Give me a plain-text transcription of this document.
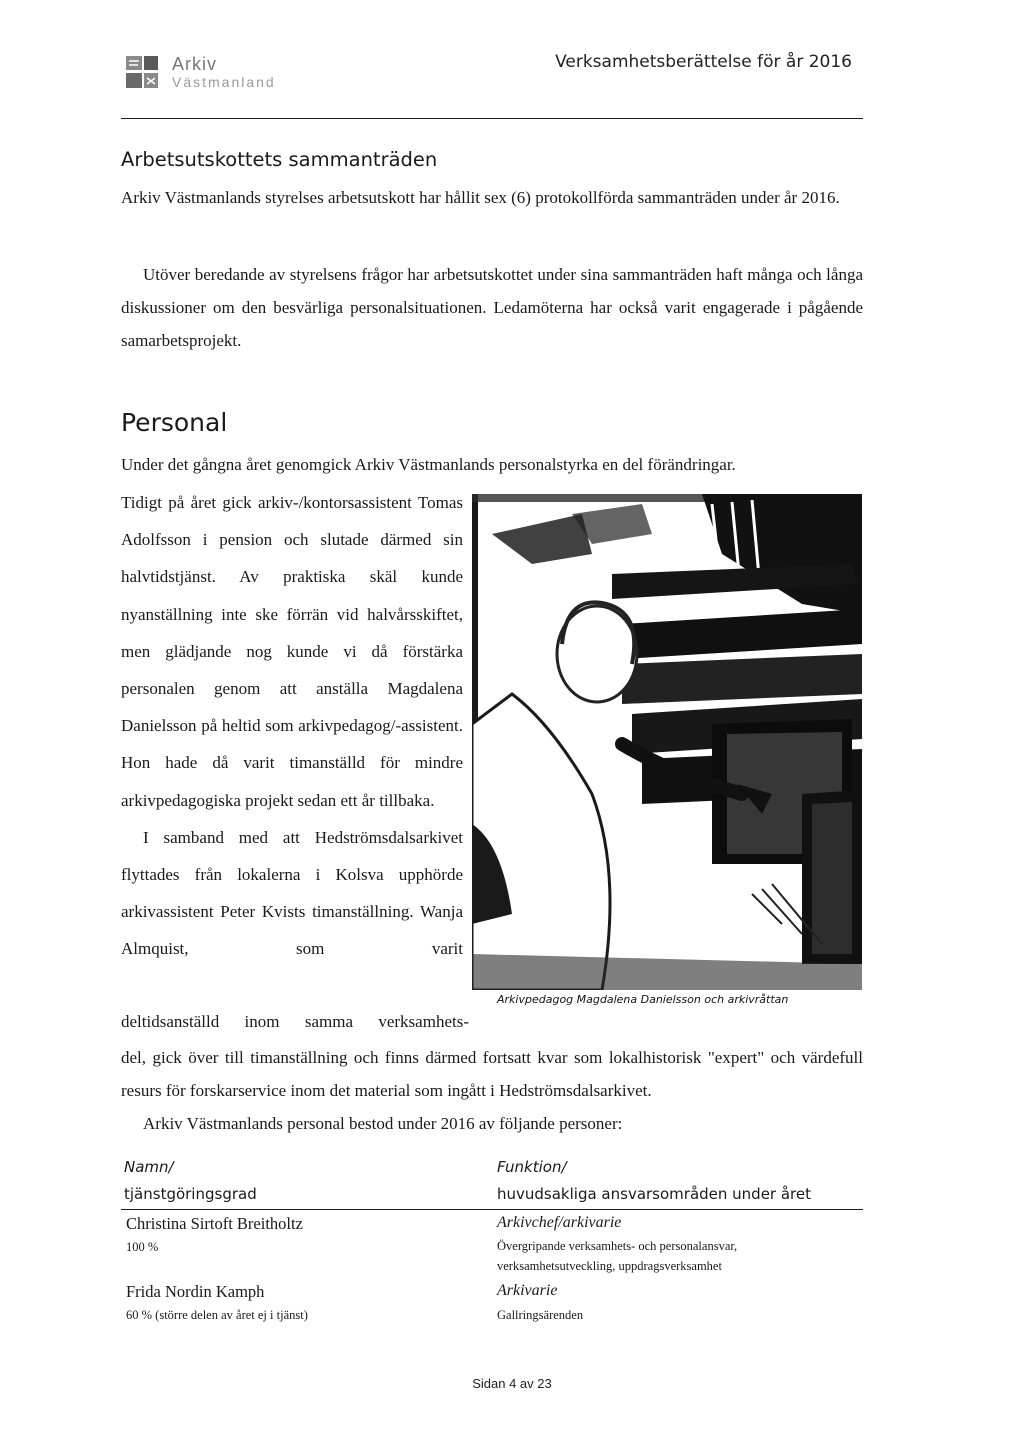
Arkiv
Västmanland
Verksamhetsberättelse för år 2016
Arbetsutskottets sammanträden

Arkiv Västmanlands styrelses arbetsutskott har hållit sex (6) protokollförda sammanträden under år 2016.

Utöver beredande av styrelsens frågor har arbetsutskottet under sina sammanträden haft många och långa diskussioner om den besvärliga personalsituationen. Ledamöterna har också varit engagerade i pågående samarbetsprojekt.

Personal

Under det gångna året genomgick Arkiv Västmanlands personalstyrka en del förändringar.

Tidigt på året gick arkiv-/kontorsassistent Tomas Adolfsson i pension och slutade därmed sin halvtidstjänst. Av praktiska skäl kunde nyanställning inte ske förrän vid halvårsskiftet, men glädjande nog kunde vi då förstärka personalen genom att anställa Magdalena Danielsson på heltid som arkivpedagog/-assistent. Hon hade då varit timanställd för mindre arkivpedagogiska projekt sedan ett år tillbaka.

I samband med att Hedströmsdalsarkivet flyttades från lokalerna i Kolsva upphörde arkivassistent Peter Kvists timanställning. Wanja Almquist, som varit

deltidsanställd inom samma verksamhets-

del, gick över till timanställning och finns därmed fortsatt kvar som lokalhistorisk "expert" och värdefull resurs för forskarservice inom det material som ingått i Hedströmsdalsarkivet.

Arkiv Västmanlands personal bestod under 2016 av följande personer:

Arkivpedagog Magdalena Danielsson och arkivråttan
Namn/
tjänstgöringsgrad
Funktion/
huvudsakliga ansvarsområden under året
Christina Sirtoft Breitholtz
100 %
Arkivchef/arkivarie
Övergripande verksamhets- och personalansvar,
verksamhetsutveckling, uppdragsverksamhet
Frida Nordin Kamph
60 % (större delen av året ej i tjänst)
Arkivarie
Gallringsärenden
Sidan 4 av 23
